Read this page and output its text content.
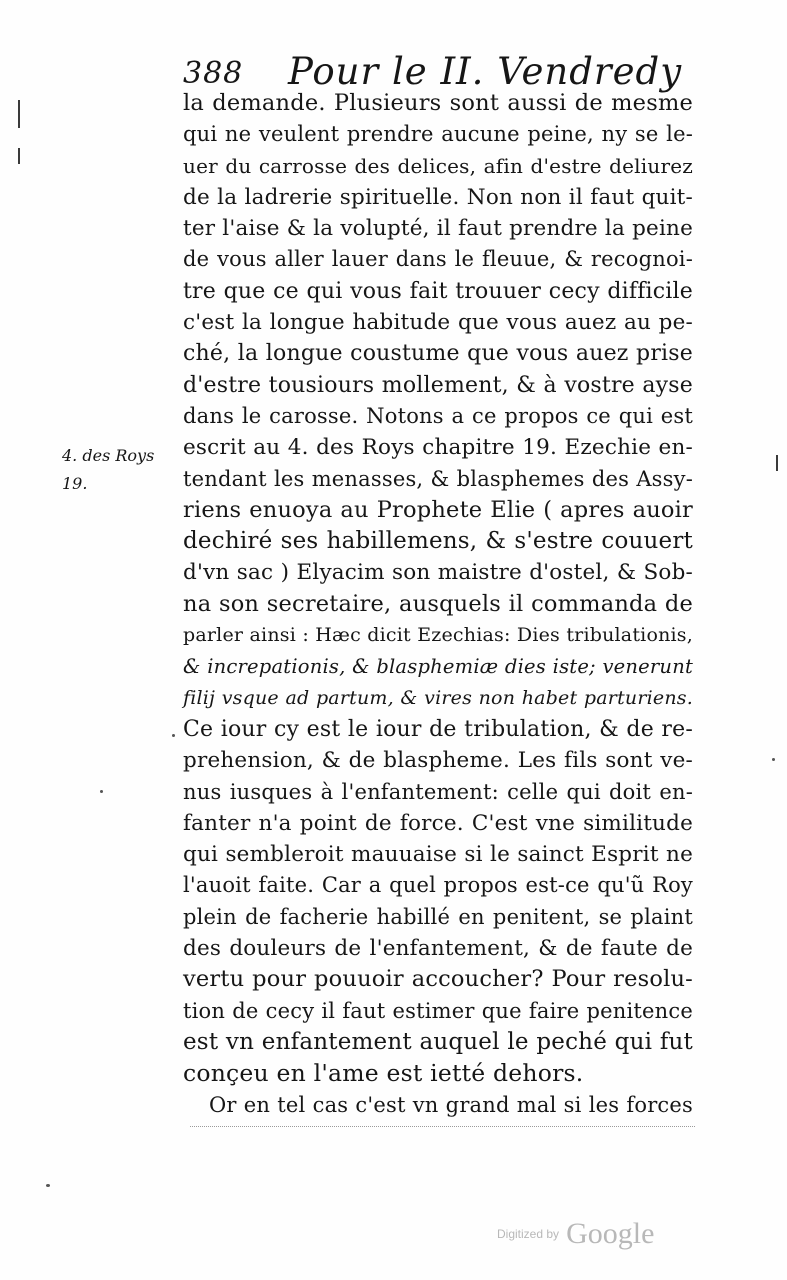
388 Pour le II. Vendredy
4. des Roys
19.
la demande. Plusieurs sont aussi de mesme
qui ne veulent prendre aucune peine, ny se le-
uer du carrosse des delices, afin d'estre deliurez
de la ladrerie spirituelle. Non non il faut quit-
ter l'aise & la volupté, il faut prendre la peine
de vous aller lauer dans le fleuue, & recognoi-
tre que ce qui vous fait trouuer cecy difficile
c'est la longue habitude que vous auez au pe-
ché, la longue coustume que vous auez prise
d'estre tousiours mollement, & à vostre ayse
dans le carosse. Notons a ce propos ce qui est
escrit au 4. des Roys chapitre 19. Ezechie en-
tendant les menasses, & blasphemes des Assy-
riens enuoya au Prophete Elie ( apres auoir
dechiré ses habillemens, & s'estre couuert
d'vn sac ) Elyacim son maistre d'ostel, & Sob-
na son secretaire, ausquels il commanda de
parler ainsi : Hæc dicit Ezechias: Dies tribulationis,
& increpationis, & blasphemiæ dies iste; venerunt
filij vsque ad partum, & vires non habet parturiens.
Ce iour cy est le iour de tribulation, & de re-
prehension, & de blaspheme. Les fils sont ve-
nus iusques à l'enfantement: celle qui doit en-
fanter n'a point de force. C'est vne similitude
qui sembleroit mauuaise si le sainct Esprit ne
l'auoit faite. Car a quel propos est-ce qu'ũ Roy
plein de facherie habillé en penitent, se plaint
des douleurs de l'enfantement, & de faute de
vertu pour pouuoir accoucher? Pour resolu-
tion de cecy il faut estimer que faire penitence
est vn enfantement auquel le peché qui fut
conçeu en l'ame est ietté dehors.
Or en tel cas c'est vn grand mal si les forces
Digitized by Google
